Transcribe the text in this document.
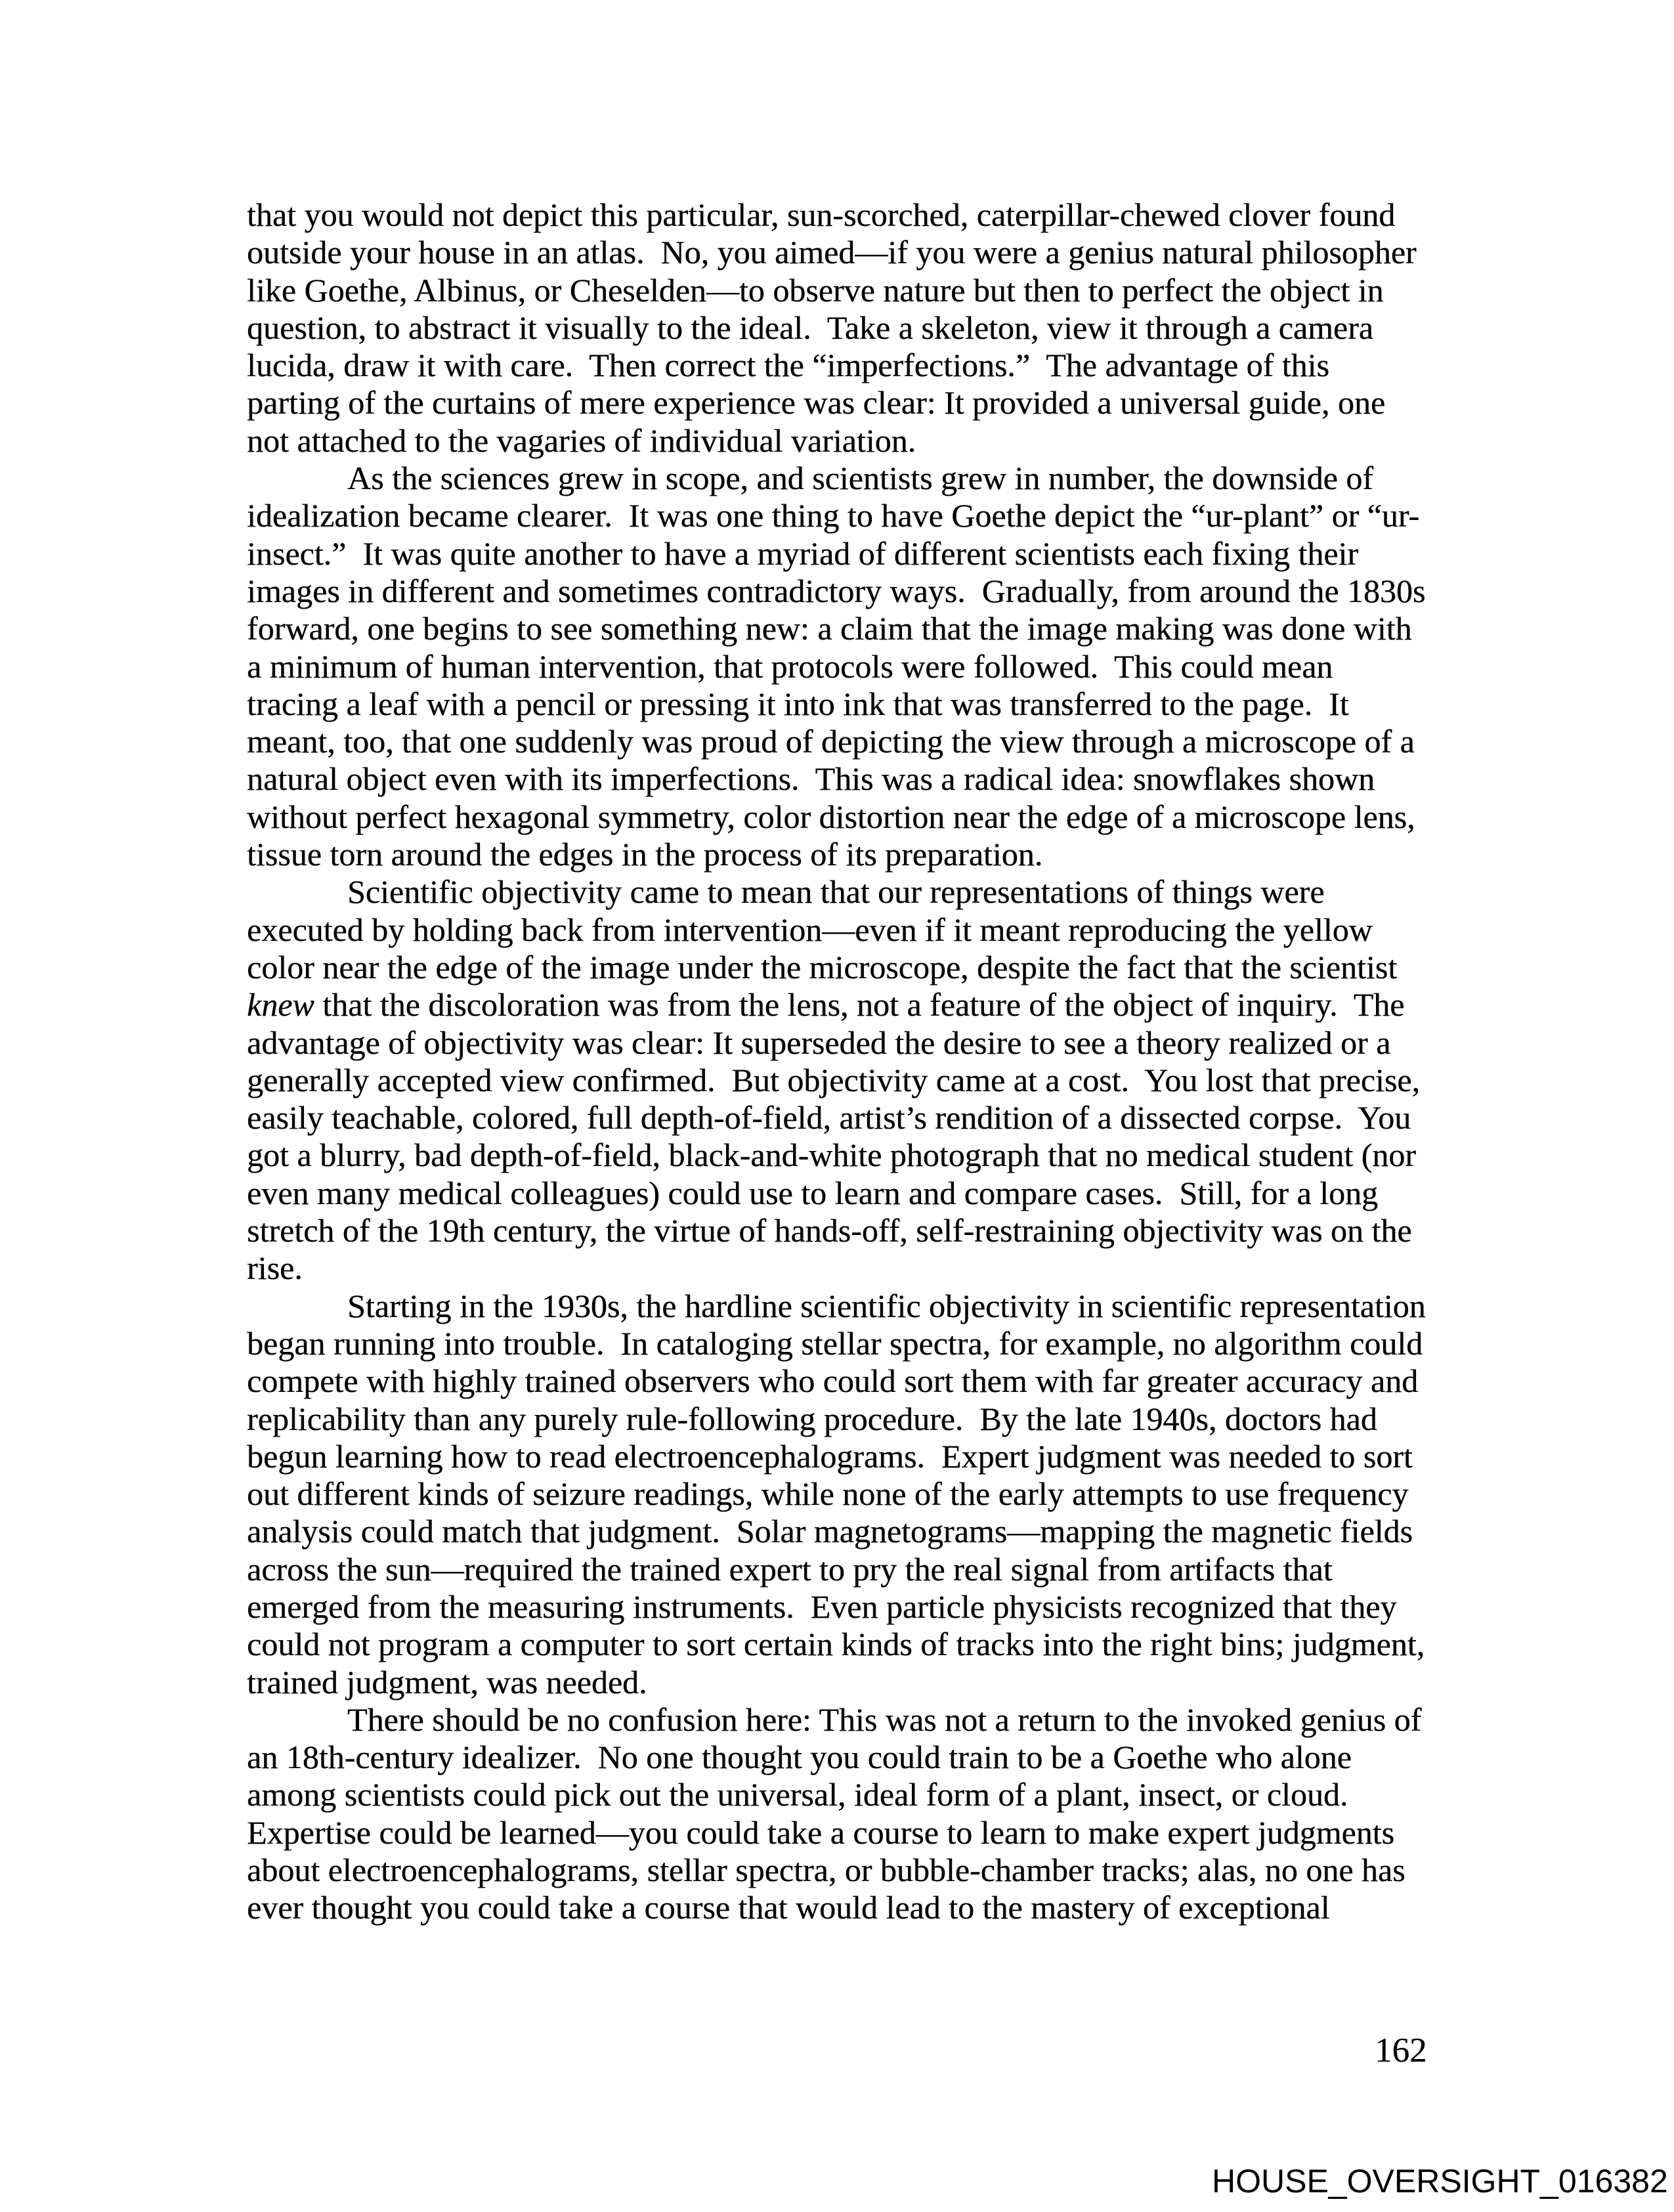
that you would not depict this particular, sun-scorched, caterpillar-chewed clover found
outside your house in an atlas.  No, you aimed—if you were a genius natural philosopher
like Goethe, Albinus, or Cheselden—to observe nature but then to perfect the object in
question, to abstract it visually to the ideal.  Take a skeleton, view it through a camera
lucida, draw it with care.  Then correct the “imperfections.”  The advantage of this
parting of the curtains of mere experience was clear: It provided a universal guide, one
not attached to the vagaries of individual variation.
As the sciences grew in scope, and scientists grew in number, the downside of
idealization became clearer.  It was one thing to have Goethe depict the “ur-plant” or “ur-
insect.”  It was quite another to have a myriad of different scientists each fixing their
images in different and sometimes contradictory ways.  Gradually, from around the 1830s
forward, one begins to see something new: a claim that the image making was done with
a minimum of human intervention, that protocols were followed.  This could mean
tracing a leaf with a pencil or pressing it into ink that was transferred to the page.  It
meant, too, that one suddenly was proud of depicting the view through a microscope of a
natural object even with its imperfections.  This was a radical idea: snowflakes shown
without perfect hexagonal symmetry, color distortion near the edge of a microscope lens,
tissue torn around the edges in the process of its preparation.
Scientific objectivity came to mean that our representations of things were
executed by holding back from intervention—even if it meant reproducing the yellow
color near the edge of the image under the microscope, despite the fact that the scientist
knew that the discoloration was from the lens, not a feature of the object of inquiry.  The
advantage of objectivity was clear: It superseded the desire to see a theory realized or a
generally accepted view confirmed.  But objectivity came at a cost.  You lost that precise,
easily teachable, colored, full depth-of-field, artist’s rendition of a dissected corpse.  You
got a blurry, bad depth-of-field, black-and-white photograph that no medical student (nor
even many medical colleagues) could use to learn and compare cases.  Still, for a long
stretch of the 19th century, the virtue of hands-off, self-restraining objectivity was on the
rise.
Starting in the 1930s, the hardline scientific objectivity in scientific representation
began running into trouble.  In cataloging stellar spectra, for example, no algorithm could
compete with highly trained observers who could sort them with far greater accuracy and
replicability than any purely rule-following procedure.  By the late 1940s, doctors had
begun learning how to read electroencephalograms.  Expert judgment was needed to sort
out different kinds of seizure readings, while none of the early attempts to use frequency
analysis could match that judgment.  Solar magnetograms—mapping the magnetic fields
across the sun—required the trained expert to pry the real signal from artifacts that
emerged from the measuring instruments.  Even particle physicists recognized that they
could not program a computer to sort certain kinds of tracks into the right bins; judgment,
trained judgment, was needed.
There should be no confusion here: This was not a return to the invoked genius of
an 18th-century idealizer.  No one thought you could train to be a Goethe who alone
among scientists could pick out the universal, ideal form of a plant, insect, or cloud.
Expertise could be learned—you could take a course to learn to make expert judgments
about electroencephalograms, stellar spectra, or bubble-chamber tracks; alas, no one has
ever thought you could take a course that would lead to the mastery of exceptional
162
HOUSE_OVERSIGHT_016382
